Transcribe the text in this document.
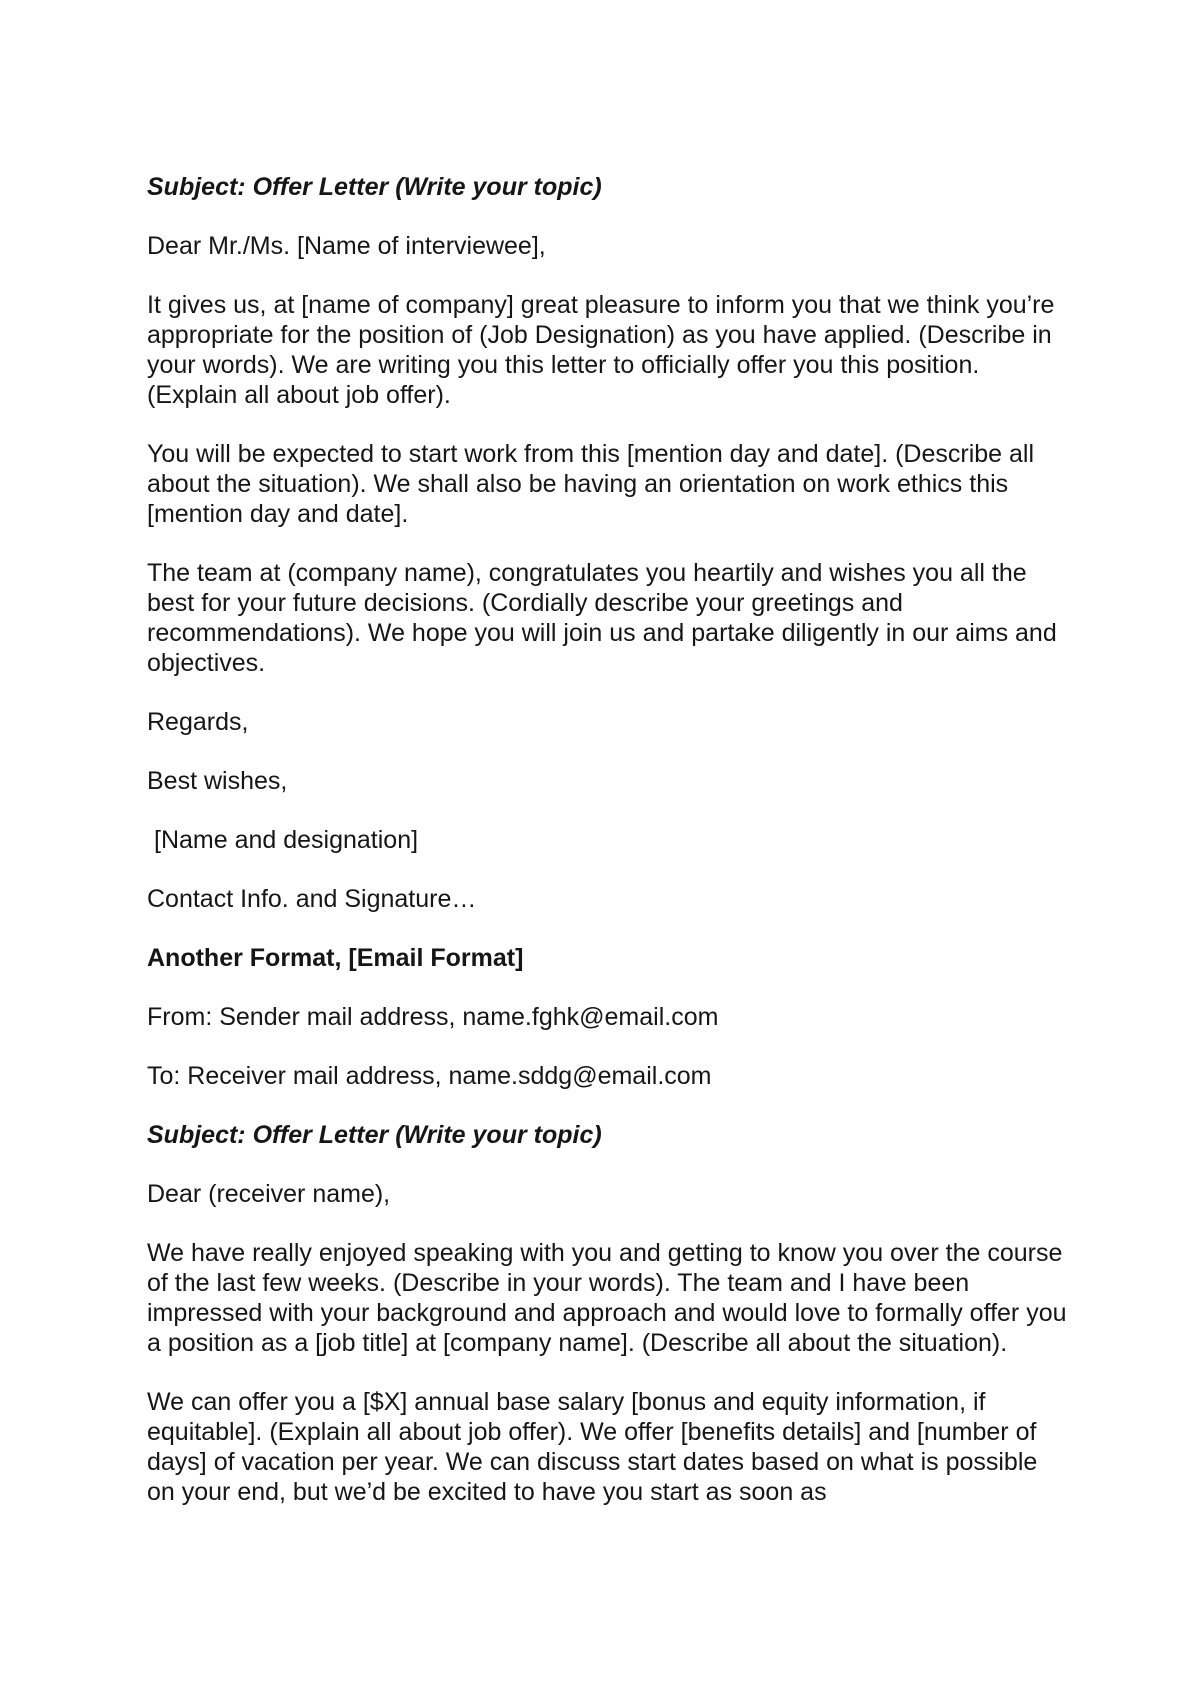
Subject: Offer Letter (Write your topic)

Dear Mr./Ms. [Name of interviewee],

It gives us, at [name of company] great pleasure to inform you that we think you’re appropriate for the position of (Job Designation) as you have applied. (Describe in your words). We are writing you this letter to officially offer you this position. (Explain all about job offer).

You will be expected to start work from this [mention day and date]. (Describe all about the situation). We shall also be having an orientation on work ethics this [mention day and date].

The team at (company name), congratulates you heartily and wishes you all the best for your future decisions. (Cordially describe your greetings and recommendations). We hope you will join us and partake diligently in our aims and objectives.

Regards,

Best wishes,

[Name and designation]

Contact Info. and Signature…

Another Format, [Email Format]

From: Sender mail address, name.fghk@email.com

To: Receiver mail address, name.sddg@email.com

Subject: Offer Letter (Write your topic)

Dear (receiver name),

We have really enjoyed speaking with you and getting to know you over the course of the last few weeks. (Describe in your words). The team and I have been impressed with your background and approach and would love to formally offer you a position as a [job title] at [company name]. (Describe all about the situation).

We can offer you a [$X] annual base salary [bonus and equity information, if equitable]. (Explain all about job offer). We offer [benefits details] and [number of days] of vacation per year. We can discuss start dates based on what is possible on your end, but we’d be excited to have you start as soon as
